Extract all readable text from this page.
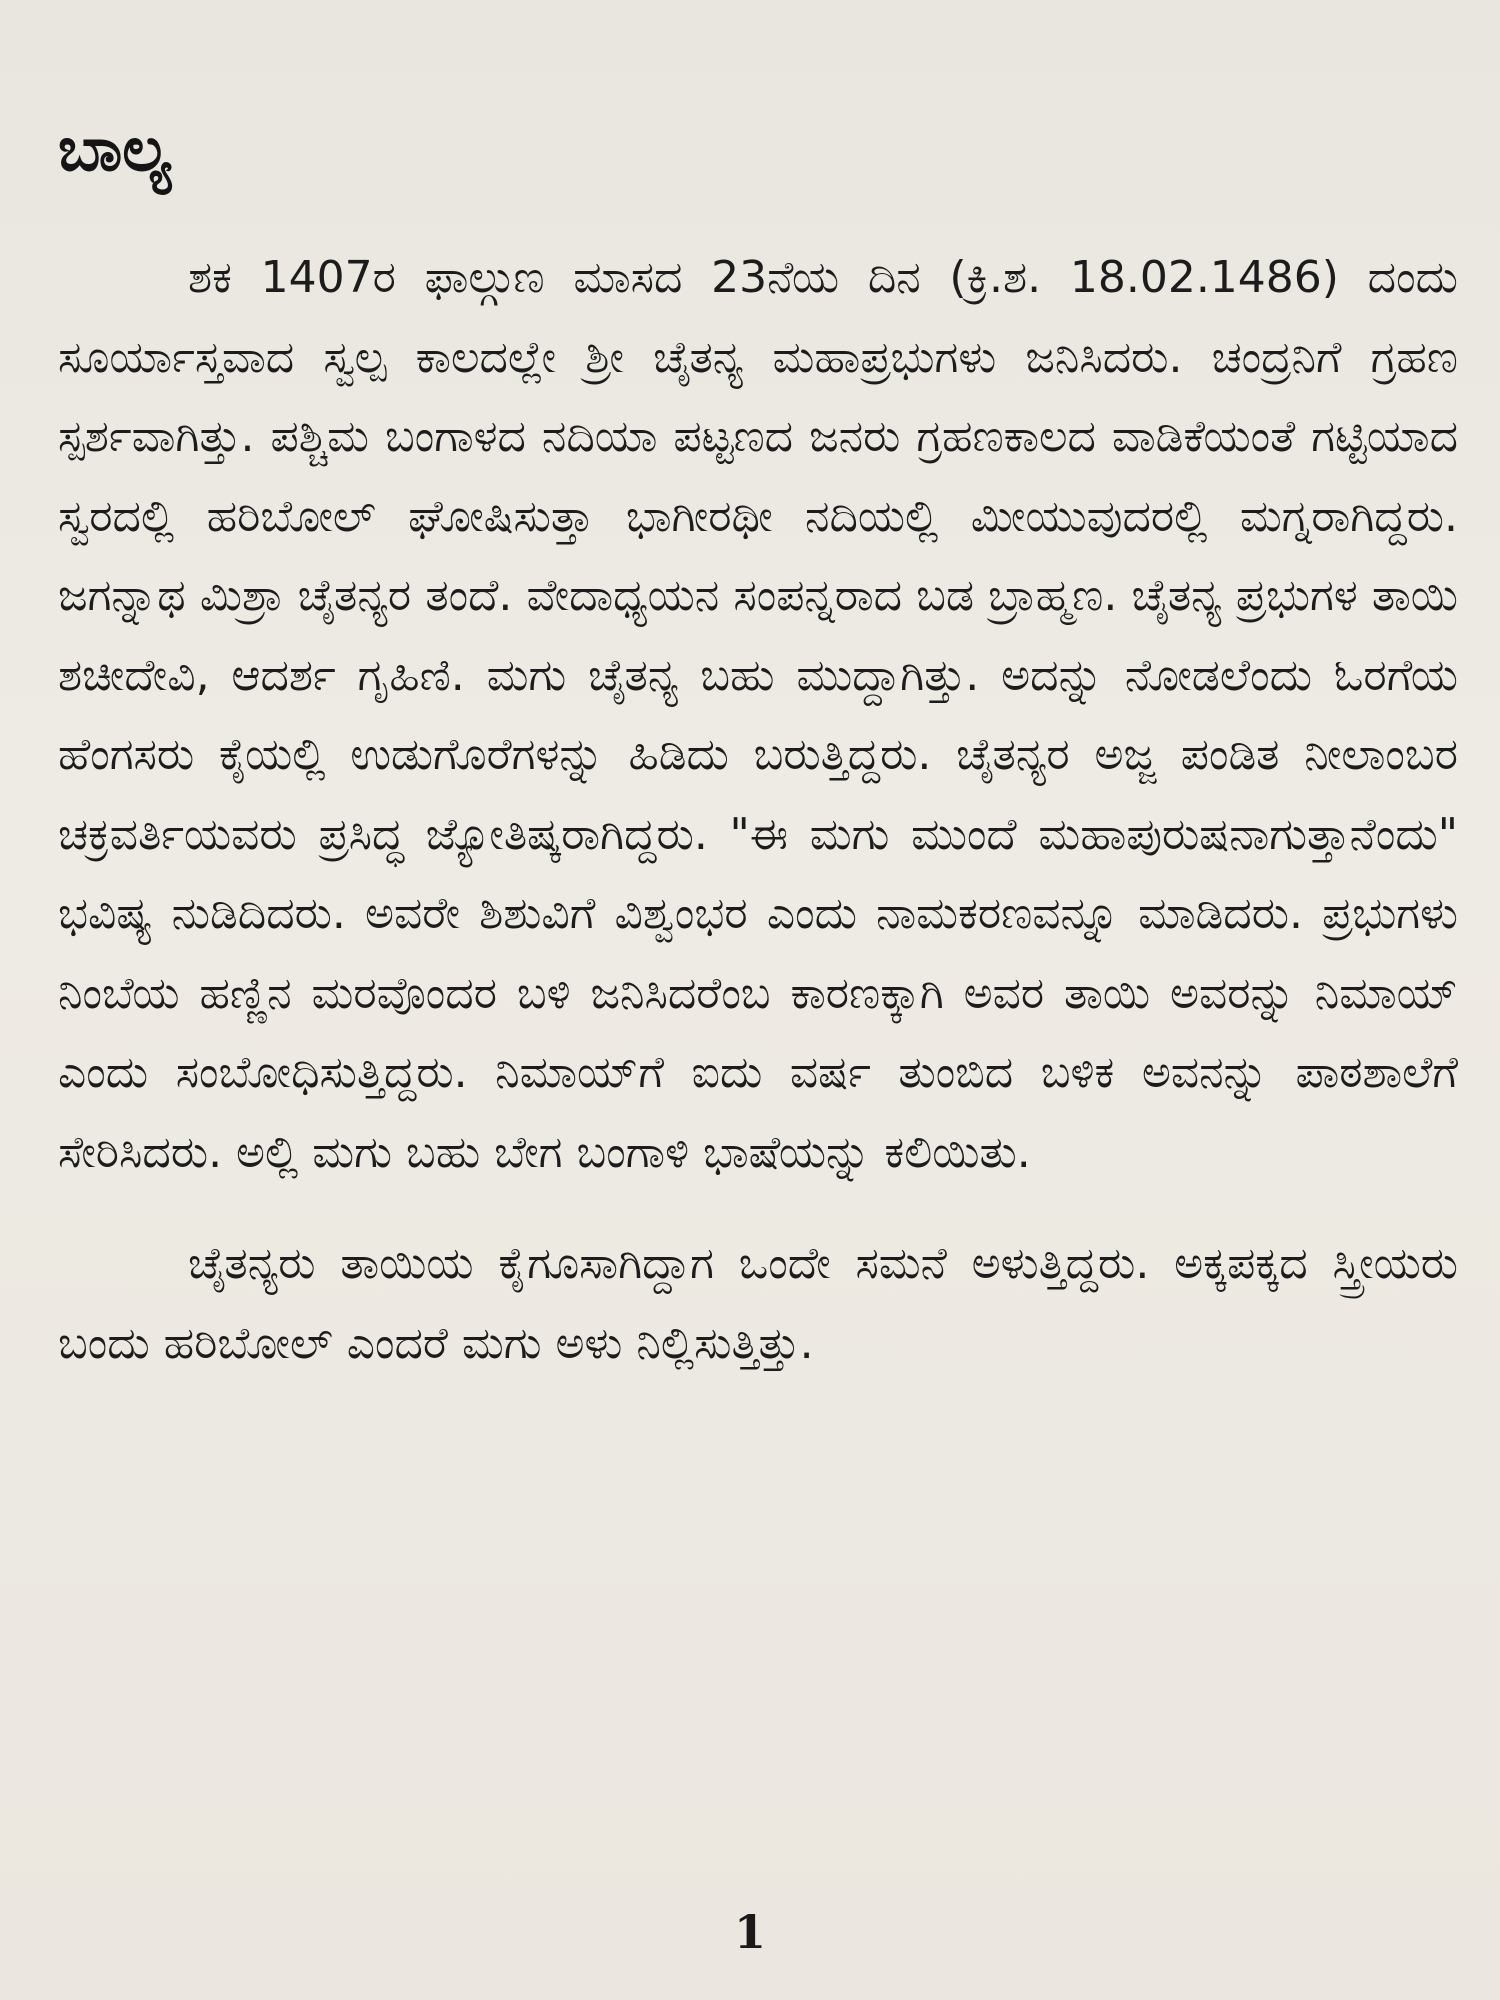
ಬಾಲ್ಯ

ಶಕ 1407ರ ಫಾಲ್ಗುಣ ಮಾಸದ 23ನೆಯ ದಿನ (ಕ್ರಿ.ಶ. 18.02.1486) ದಂದು ಸೂರ್ಯಾಸ್ತವಾದ ಸ್ವಲ್ಪ ಕಾಲದಲ್ಲೇ ಶ್ರೀ ಚೈತನ್ಯ ಮಹಾಪ್ರಭುಗಳು ಜನಿಸಿದರು. ಚಂದ್ರನಿಗೆ ಗ್ರಹಣ ಸ್ಪರ್ಶವಾಗಿತ್ತು. ಪಶ್ಚಿಮ ಬಂಗಾಳದ ನದಿಯಾ ಪಟ್ಟಣದ ಜನರು ಗ್ರಹಣಕಾಲದ ವಾಡಿಕೆಯಂತೆ ಗಟ್ಟಿಯಾದ ಸ್ವರದಲ್ಲಿ ಹರಿಬೋಲ್ ಘೋಷಿಸುತ್ತಾ ಭಾಗೀರಥೀ ನದಿಯಲ್ಲಿ ಮೀಯುವುದರಲ್ಲಿ ಮಗ್ನರಾಗಿದ್ದರು. ಜಗನ್ನಾಥ ಮಿಶ್ರಾ ಚೈತನ್ಯರ ತಂದೆ. ವೇದಾಧ್ಯಯನ ಸಂಪನ್ನರಾದ ಬಡ ಬ್ರಾಹ್ಮಣ. ಚೈತನ್ಯ ಪ್ರಭುಗಳ ತಾಯಿ ಶಚೀದೇವಿ, ಆದರ್ಶ ಗೃಹಿಣಿ. ಮಗು ಚೈತನ್ಯ ಬಹು ಮುದ್ದಾಗಿತ್ತು. ಅದನ್ನು ನೋಡಲೆಂದು ಓರಗೆಯ ಹೆಂಗಸರು ಕೈಯಲ್ಲಿ ಉಡುಗೊರೆಗಳನ್ನು ಹಿಡಿದು ಬರುತ್ತಿದ್ದರು. ಚೈತನ್ಯರ ಅಜ್ಜ ಪಂಡಿತ ನೀಲಾಂಬರ ಚಕ್ರವರ್ತಿಯವರು ಪ್ರಸಿದ್ಧ ಜ್ಯೋತಿಷ್ಕರಾಗಿದ್ದರು. "ಈ ಮಗು ಮುಂದೆ ಮಹಾಪುರುಷನಾಗುತ್ತಾನೆಂದು" ಭವಿಷ್ಯ ನುಡಿದಿದರು. ಅವರೇ ಶಿಶುವಿಗೆ ವಿಶ್ವಂಭರ ಎಂದು ನಾಮಕರಣವನ್ನೂ ಮಾಡಿದರು. ಪ್ರಭುಗಳು ನಿಂಬೆಯ ಹಣ್ಣಿನ ಮರವೊಂದರ ಬಳಿ ಜನಿಸಿದರೆಂಬ ಕಾರಣಕ್ಕಾಗಿ ಅವರ ತಾಯಿ ಅವರನ್ನು ನಿಮಾಯ್ ಎಂದು ಸಂಬೋಧಿಸುತ್ತಿದ್ದರು. ನಿಮಾಯ್‌ಗೆ ಐದು ವರ್ಷ ತುಂಬಿದ ಬಳಿಕ ಅವನನ್ನು ಪಾಠಶಾಲೆಗೆ ಸೇರಿಸಿದರು. ಅಲ್ಲಿ ಮಗು ಬಹು ಬೇಗ ಬಂಗಾಳಿ ಭಾಷೆಯನ್ನು ಕಲಿಯಿತು.

ಚೈತನ್ಯರು ತಾಯಿಯ ಕೈಗೂಸಾಗಿದ್ದಾಗ ಒಂದೇ ಸಮನೆ ಅಳುತ್ತಿದ್ದರು. ಅಕ್ಕಪಕ್ಕದ ಸ್ತ್ರೀಯರು ಬಂದು ಹರಿಬೋಲ್ ಎಂದರೆ ಮಗು ಅಳು ನಿಲ್ಲಿಸುತ್ತಿತ್ತು.

1
